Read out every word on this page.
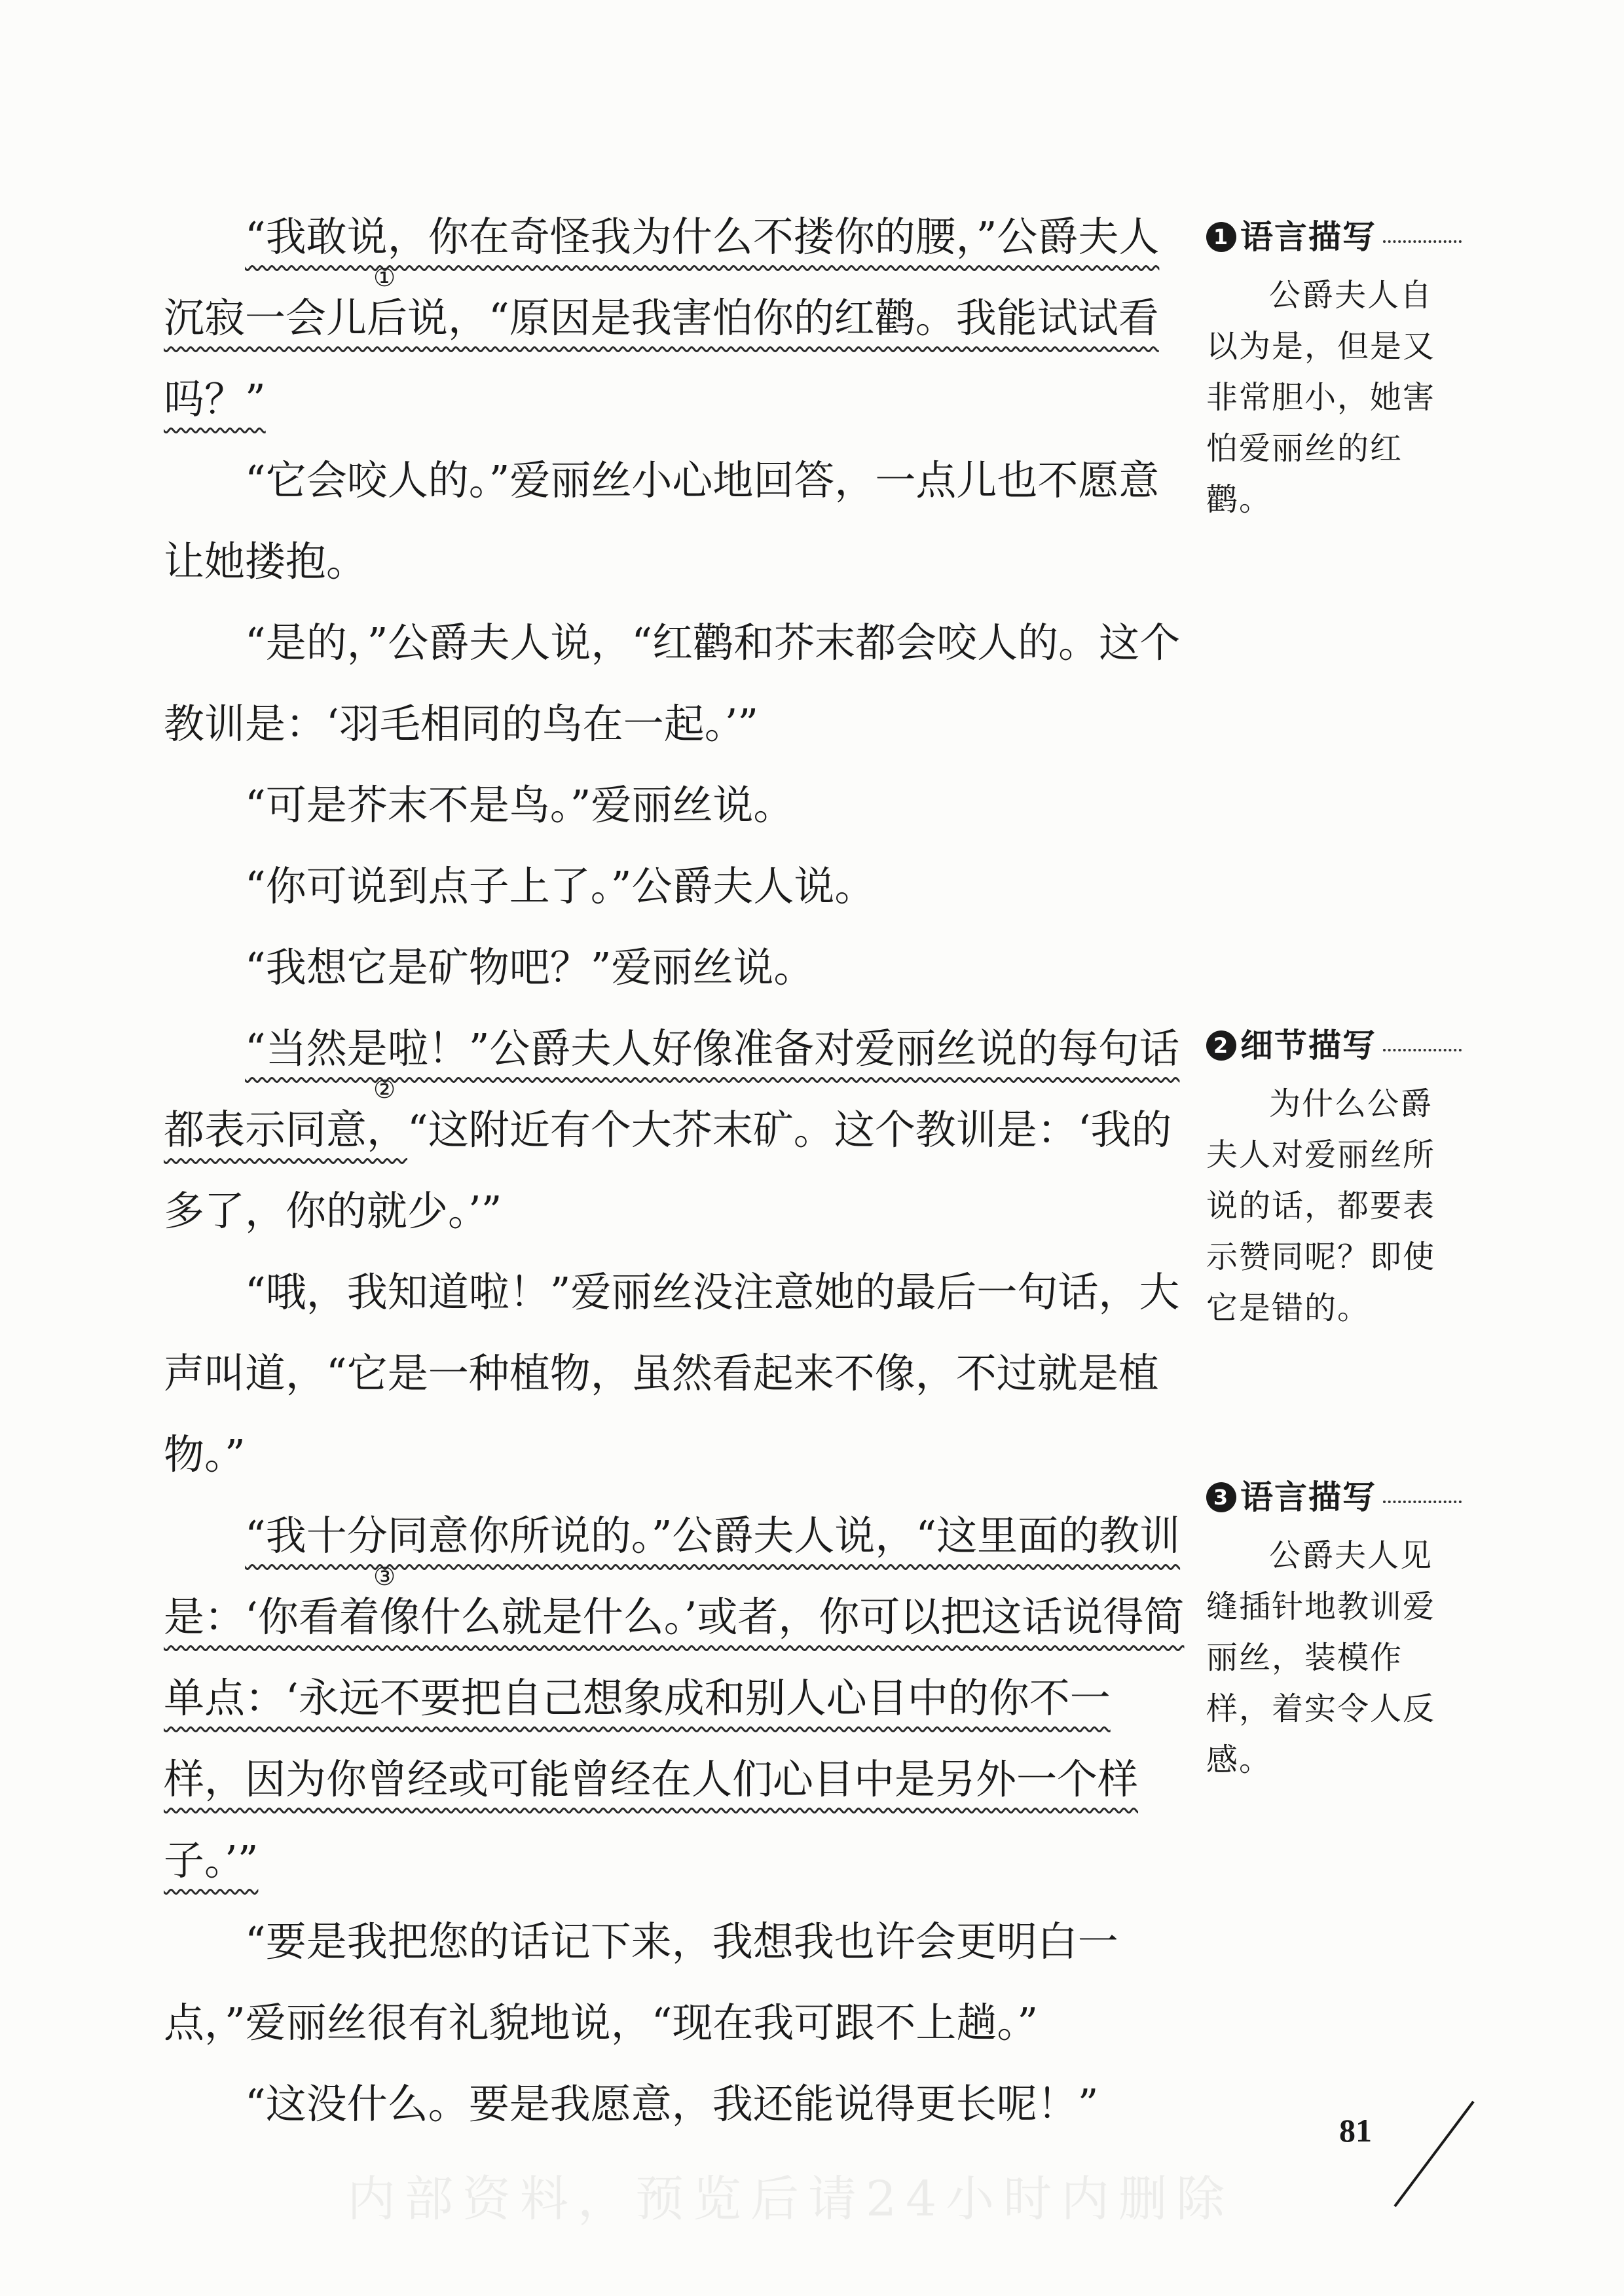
①
“我敢说，你在奇怪我为什么不搂你的腰，”公爵夫人沉寂一会儿后说，“原因是我害怕你的红鹳。我能试试看吗？”

“它会咬人的。”爱丽丝小心地回答，一点儿也不愿意让她搂抱。

“是的，”公爵夫人说，“红鹳和芥末都会咬人的。这个教训是：‘羽毛相同的鸟在一起。’”

“可是芥末不是鸟。”爱丽丝说。

“你可说到点子上了。”公爵夫人说。

“我想它是矿物吧？”爱丽丝说。

②
“当然是啦！”公爵夫人好像准备对爱丽丝说的每句话都表示同意，“这附近有个大芥末矿。这个教训是：‘我的多了，你的就少。’”

“哦，我知道啦！”爱丽丝没注意她的最后一句话，大声叫道，“它是一种植物，虽然看起来不像，不过就是植物。”

③
“我十分同意你所说的。”公爵夫人说，“这里面的教训是：‘你看着像什么就是什么。’或者，你可以把这话说得简单点：‘永远不要把自己想象成和别人心目中的你不一样，因为你曾经或可能曾经在人们心目中是另外一个样子。’”

“要是我把您的话记下来，我想我也许会更明白一点，”爱丽丝很有礼貌地说，“现在我可跟不上趟。”

“这没什么。要是我愿意，我还能说得更长呢！”

1 语言描写
公爵夫人自以为是，但是又非常胆小，她害怕爱丽丝的红鹳。
2 细节描写
为什么公爵夫人对爱丽丝所说的话，都要表示赞同呢？即使它是错的。
3 语言描写
公爵夫人见缝插针地教训爱丽丝，装模作样，着实令人反感。
81
内部资料，预览后请24小时内删除
